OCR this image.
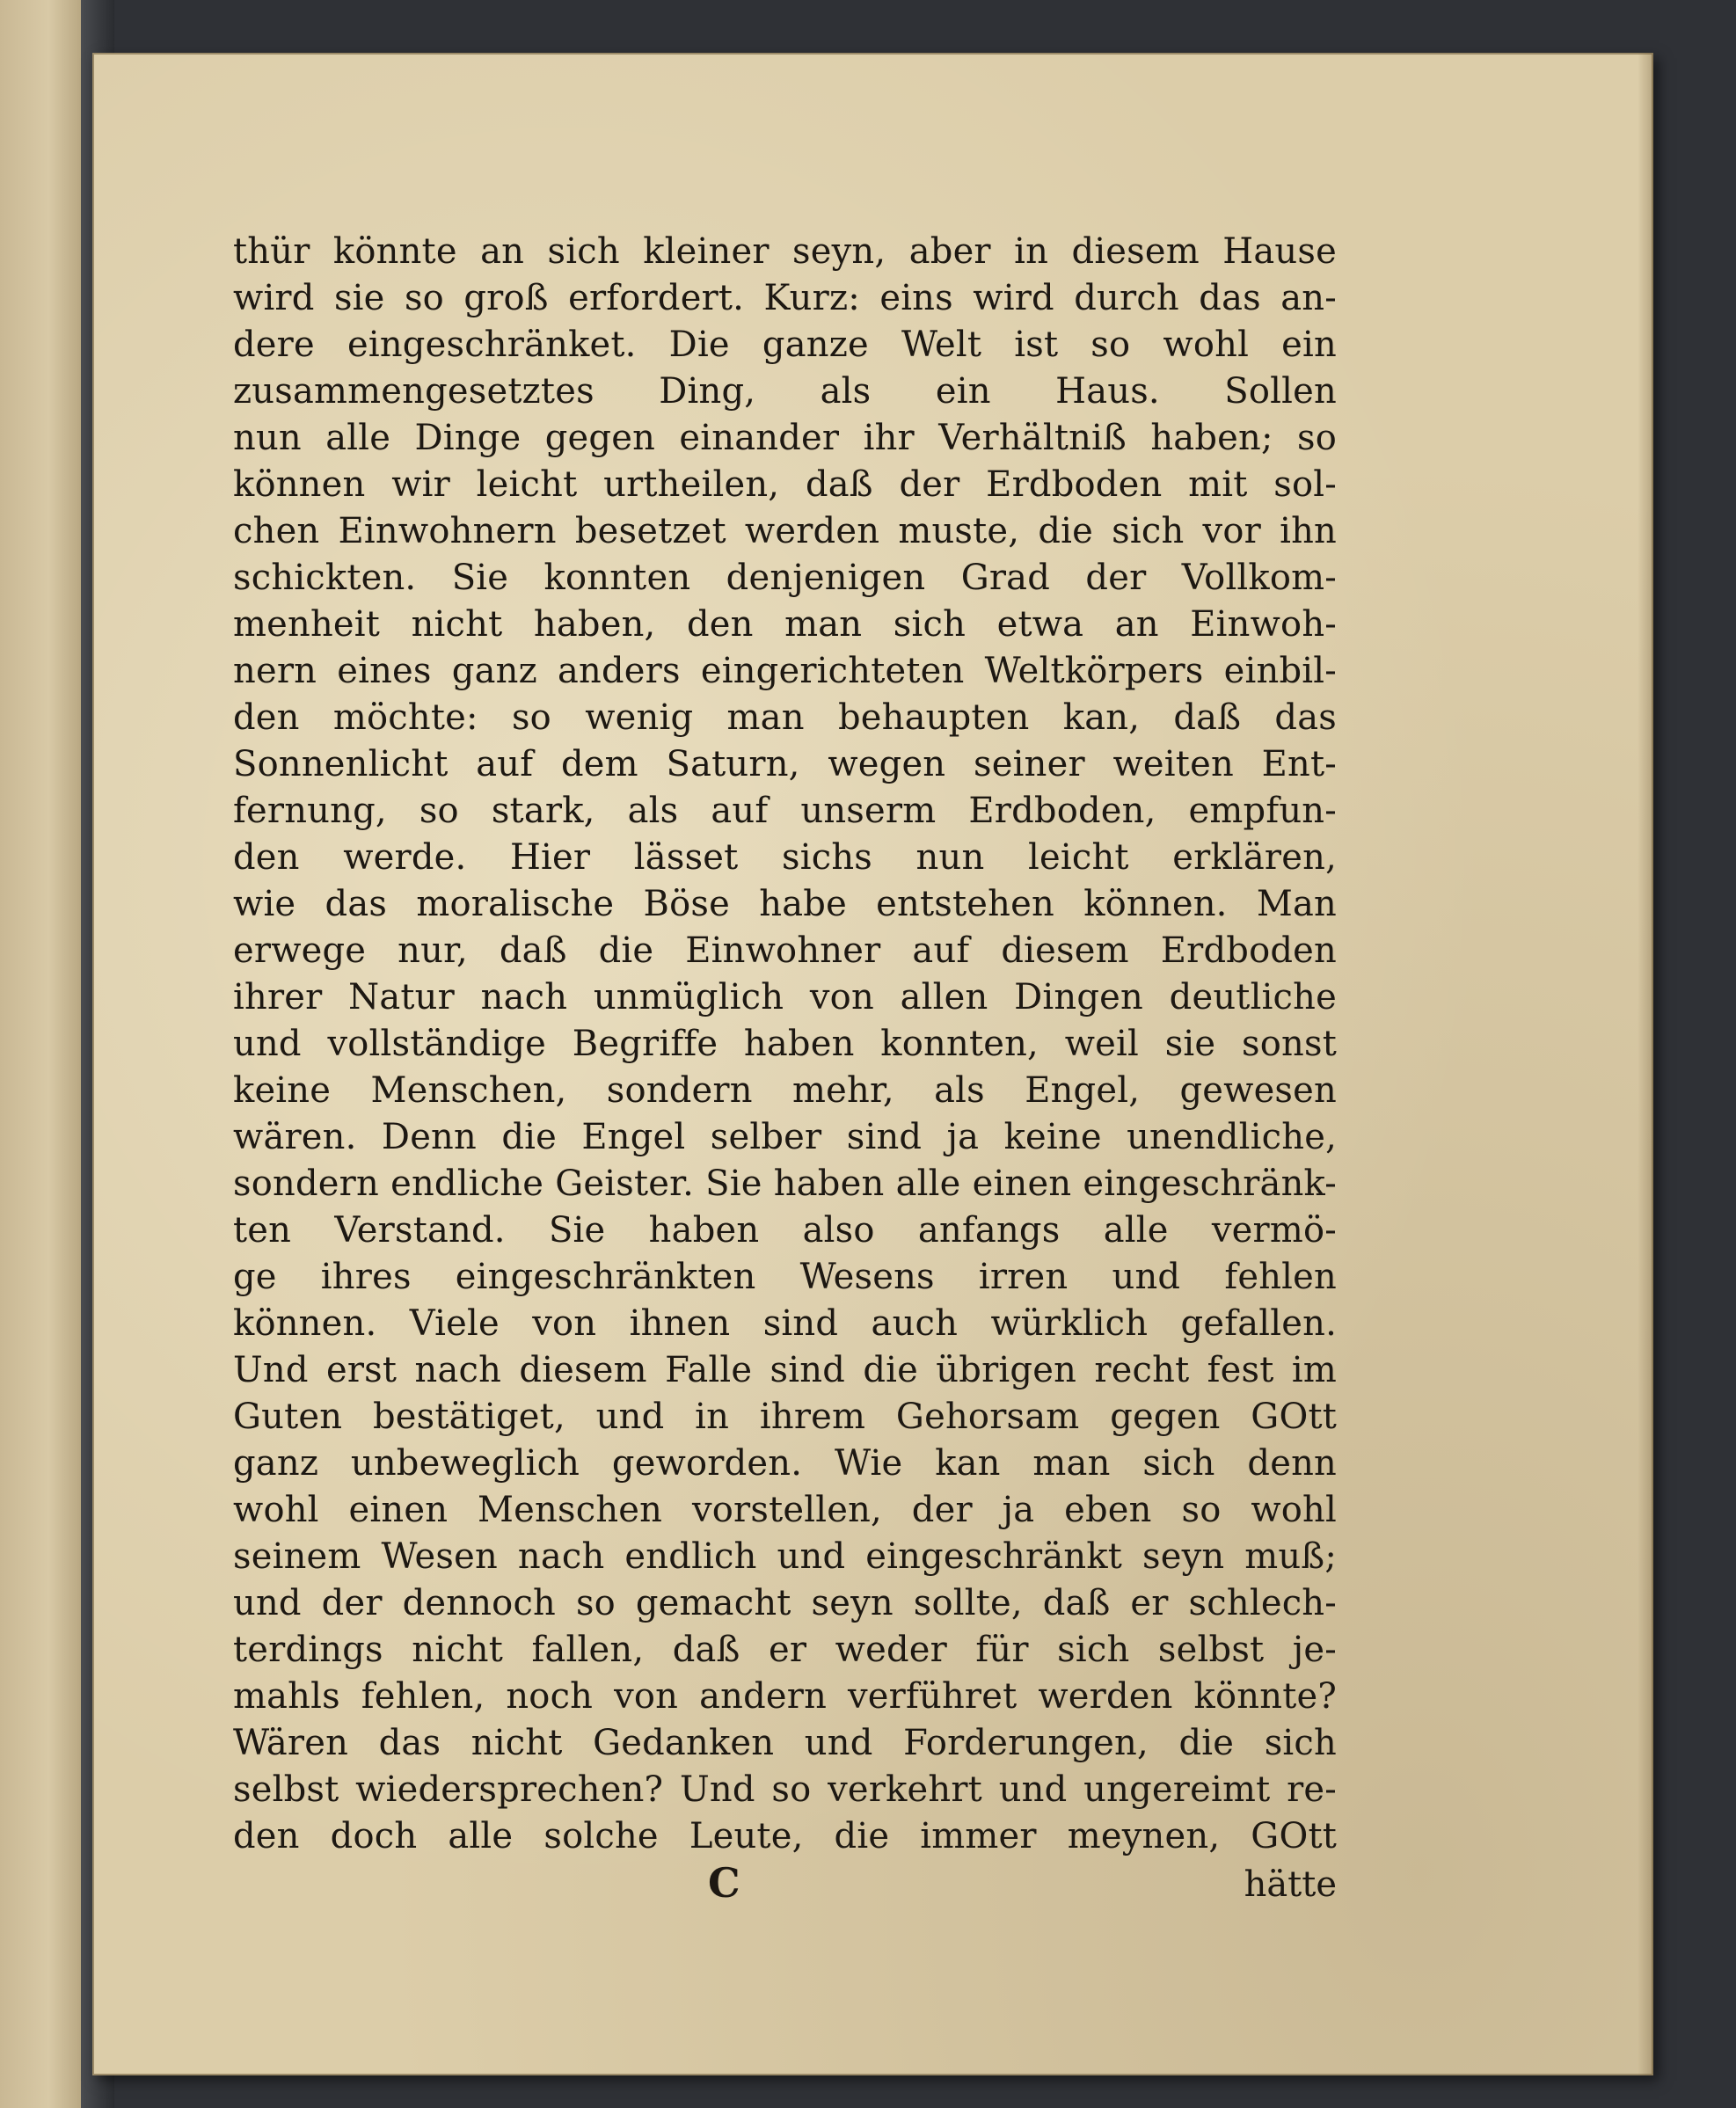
thür könnte an sich kleiner seyn, aber in diesem Hause
wird sie so groß erfordert. Kurz: eins wird durch das an-
dere eingeschränket. Die ganze Welt ist so wohl ein
zusammengesetztes Ding, als ein Haus. Sollen
nun alle Dinge gegen einander ihr Verhältniß haben; so
können wir leicht urtheilen, daß der Erdboden mit sol-
chen Einwohnern besetzet werden muste, die sich vor ihn
schickten. Sie konnten denjenigen Grad der Vollkom-
menheit nicht haben, den man sich etwa an Einwoh-
nern eines ganz anders eingerichteten Weltkörpers einbil-
den möchte: so wenig man behaupten kan, daß das
Sonnenlicht auf dem Saturn, wegen seiner weiten Ent-
fernung, so stark, als auf unserm Erdboden, empfun-
den werde. Hier lässet sichs nun leicht erklären,
wie das moralische Böse habe entstehen können. Man
erwege nur, daß die Einwohner auf diesem Erdboden
ihrer Natur nach unmüglich von allen Dingen deutliche
und vollständige Begriffe haben konnten, weil sie sonst
keine Menschen, sondern mehr, als Engel, gewesen
wären. Denn die Engel selber sind ja keine unendliche,
sondern endliche Geister. Sie haben alle einen eingeschränk-
ten Verstand. Sie haben also anfangs alle vermö-
ge ihres eingeschränkten Wesens irren und fehlen
können. Viele von ihnen sind auch würklich gefallen.
Und erst nach diesem Falle sind die übrigen recht fest im
Guten bestätiget, und in ihrem Gehorsam gegen GOtt
ganz unbeweglich geworden. Wie kan man sich denn
wohl einen Menschen vorstellen, der ja eben so wohl
seinem Wesen nach endlich und eingeschränkt seyn muß;
und der dennoch so gemacht seyn sollte, daß er schlech-
terdings nicht fallen, daß er weder für sich selbst je-
mahls fehlen, noch von andern verführet werden könnte?
Wären das nicht Gedanken und Forderungen, die sich
selbst wiedersprechen? Und so verkehrt und ungereimt re-
den doch alle solche Leute, die immer meynen, GOtt
C	hätte
